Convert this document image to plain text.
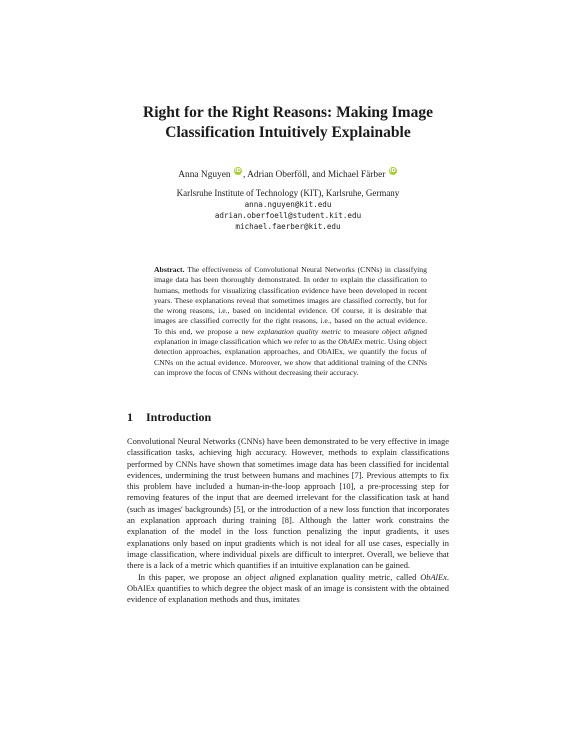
Right for the Right Reasons: Making Image
Classification Intuitively Explainable
Anna Nguyen iD , Adrian Oberföll, and Michael Färber iD
Karlsruhe Institute of Technology (KIT), Karlsruhe, Germany
anna.nguyen@kit.edu
adrian.oberfoell@student.kit.edu
michael.faerber@kit.edu
Abstract. The effectiveness of Convolutional Neural Networks (CNNs) in classifying image data has been thoroughly demonstrated. In order to explain the classification to humans, methods for visualizing classification evidence have been developed in recent years. These explanations reveal that sometimes images are classified correctly, but for the wrong reasons, i.e., based on incidental evidence. Of course, it is desirable that images are classified correctly for the right reasons, i.e., based on the actual evidence. To this end, we propose a new explanation quality metric to measure object aligned explanation in image classification which we refer to as the ObAlEx metric. Using object detection approaches, explanation approaches, and ObAlEx, we quantify the focus of CNNs on the actual evidence. Moreover, we show that additional training of the CNNs can improve the focus of CNNs without decreasing their accuracy.
1 Introduction

Convolutional Neural Networks (CNNs) have been demonstrated to be very effective in image classification tasks, achieving high accuracy. However, methods to explain classifications performed by CNNs have shown that sometimes image data has been classified for incidental evidences, undermining the trust between humans and machines [7]. Previous attempts to fix this problem have included a human-in-the-loop approach [10], a pre-processing step for removing features of the input that are deemed irrelevant for the classification task at hand (such as images' backgrounds) [5], or the introduction of a new loss function that incorporates an explanation approach during training [8]. Although the latter work constrains the explanation of the model in the loss function penalizing the input gradients, it uses explanations only based on input gradients which is not ideal for all use cases, especially in image classification, where individual pixels are difficult to interpret. Overall, we believe that there is a lack of a metric which quantifies if an intuitive explanation can be gained.

In this paper, we propose an object aligned explanation quality metric, called ObAlEx. ObAlEx quantifies to which degree the object mask of an image is consistent with the obtained evidence of explanation methods and thus, imitates
